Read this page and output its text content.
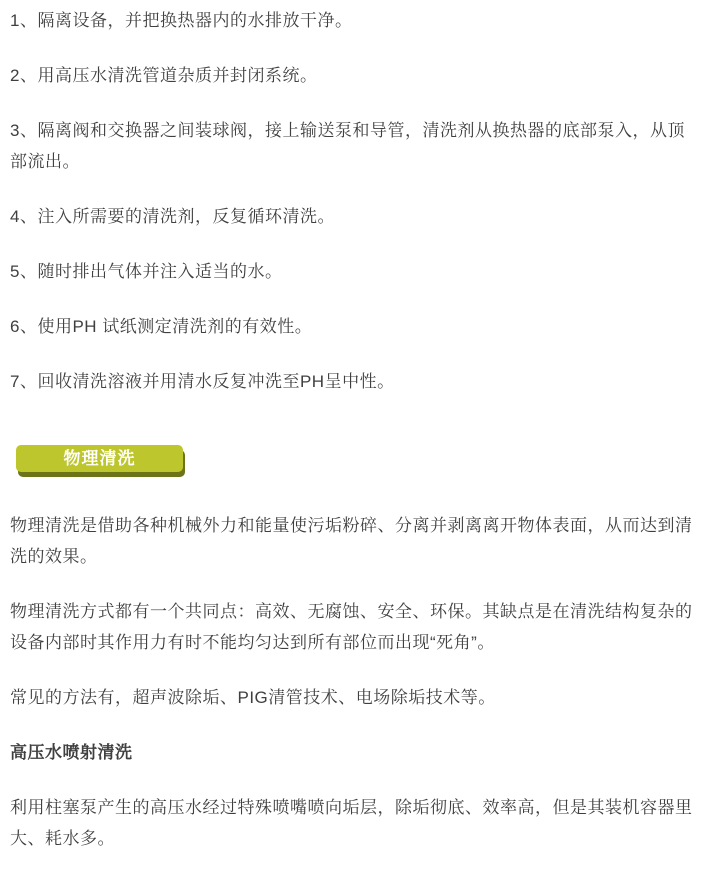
1、隔离设备，并把换热器内的水排放干净。

2、用高压水清洗管道杂质并封闭系统。

3、隔离阀和交换器之间装球阀，接上输送泵和导管，清洗剂从换热器的底部泵入，从顶部流出。

4、注入所需要的清洗剂，反复循环清洗。

5、随时排出气体并注入适当的水。

6、使用PH 试纸测定清洗剂的有效性。

7、回收清洗溶液并用清水反复冲洗至PH呈中性。

物理清洗

物理清洗是借助各种机械外力和能量使污垢粉碎、分离并剥离离开物体表面，从而达到清洗的效果。

物理清洗方式都有一个共同点：高效、无腐蚀、安全、环保。其缺点是在清洗结构复杂的设备内部时其作用力有时不能均匀达到所有部位而出现“死角”。

常见的方法有，超声波除垢、PIG清管技术、电场除垢技术等。

高压水喷射清洗

利用柱塞泵产生的高压水经过特殊喷嘴喷向垢层，除垢彻底、效率高，但是其装机容器里大、耗水多。
